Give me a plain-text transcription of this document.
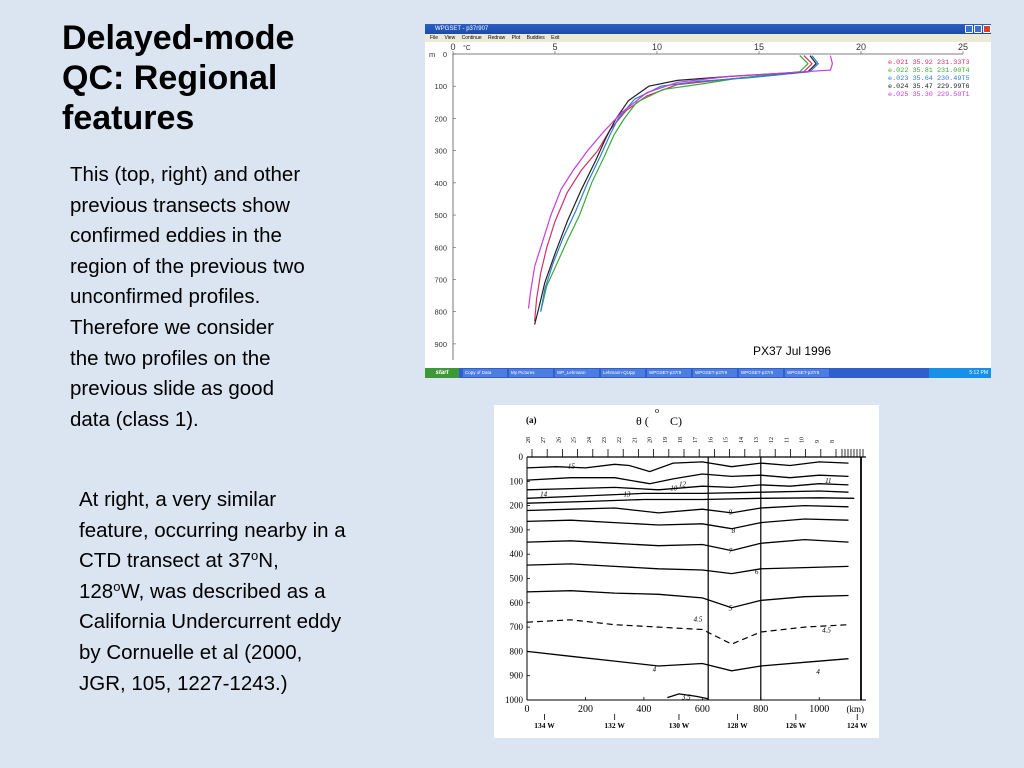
Delayed-mode
QC: Regional
features
This (top, right) and other
previous transects show
confirmed eddies in the
region of the previous two
unconfirmed profiles.
Therefore we consider
the two profiles on the
previous slide as good
data (class 1).
At right, a very similar
feature, occurring nearby in a
CTD transect at 37$^o$N,
128$^o$W, was described as a
California Undercurrent eddy
by Cornuelle et al (2000,
JGR, 105, 1227-1243.)
WPGSET - p37r907
File View Continue Redraw Plot Buddies Exit
0	5	10	15	20	25
°C
0
100
200
300
400
500
600
700
800
900
m
e.021 35.92 231.33T3
e.022 35.81 231.00T4
e.023 35.64 230.49T5
e.024 35.47 229.99T6
e.025 35.30 229.50T1
PX37 Jul 1996
start	Copy of Data	My Pictures	WP_Lehmann	Lehmann-QUpp	WPGSET-p37r9	WPGSET-p37r9	WPGSET-p37r9	WPGSET-p37r9	5:12 PM
(a)	θ (
o
C)
28 27 26 25 24 23 22 21 20 19 18 17 16 15 14 13 12 11 10 9 8
0
100
200
300
400
500
600
700
800
900
1000
0	200	400	600	800	1000 (km)
134 W	132 W	130 W	128 W	126 W	124 W
15
14	13
12	11
10
9
8
7
6
5
4.5
4.5
4	4
3.5
